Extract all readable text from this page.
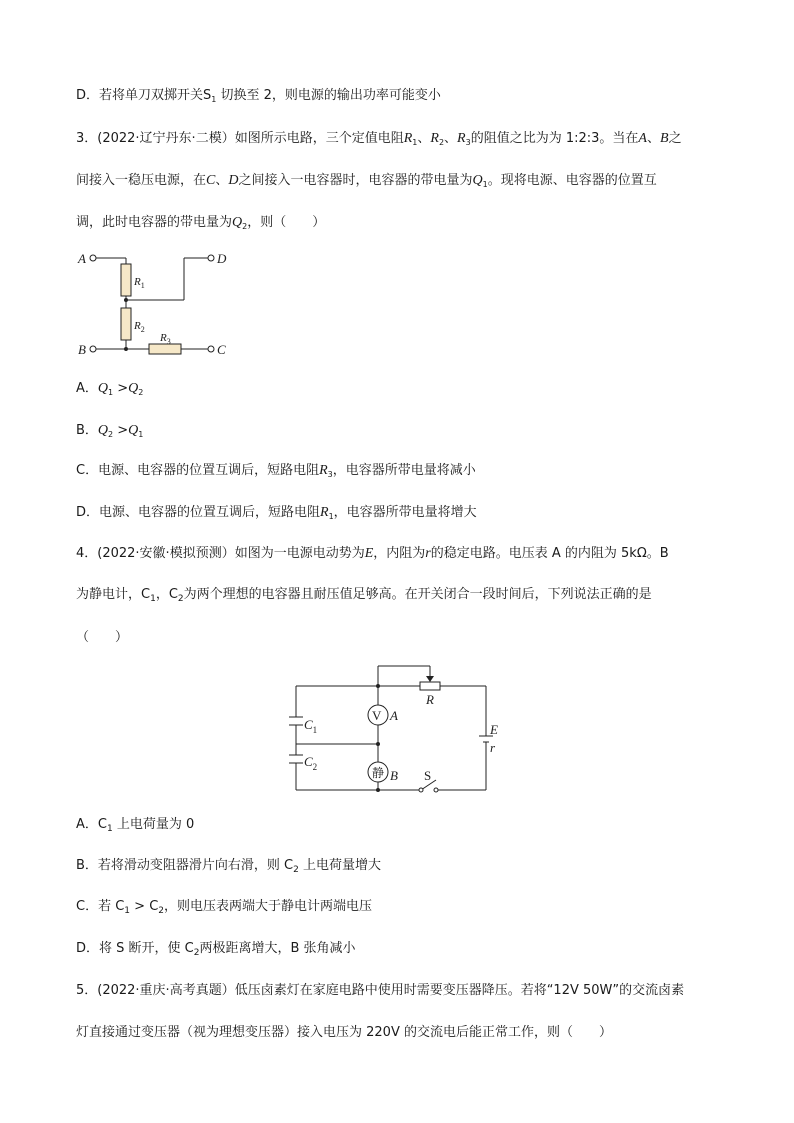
D．若将单刀双掷开关$S_1$ 切换至 2，则电源的输出功率可能变小
3．(2022·辽宁丹东·二模）如图所示电路，三个定值电阻$R_1$、$R_2$、$R_3$的阻值之比为为 1:2:3。当在A、B之
间接入一稳压电源，在C、D之间接入一电容器时，电容器的带电量为$Q_1$。现将电源、电容器的位置互
调，此时电容器的带电量为$Q_2$，则（　　）
A	D
B	C
$R_1$
$R_2$
$R_3$
A．$Q_1 >Q_2$
B．$Q_2 >Q_1$
C．电源、电容器的位置互调后，短路电阻$R_3$，电容器所带电量将减小
D．电源、电容器的位置互调后，短路电阻$R_1$，电容器所带电量将增大
4．(2022·安徽·模拟预测）如图为一电源电动势为E，内阻为r的稳定电路。电压表 A 的内阻为 5kΩ。B
为静电计，$C_1$，$C_2$为两个理想的电容器且耐压值足够高。在开关闭合一段时间后，下列说法正确的是
（　　）
V
静
A
B
R
E
r
S
$C_1$
$C_2$
A．$C_1$ 上电荷量为 0
B．若将滑动变阻器滑片向右滑，则 $C_2$ 上电荷量增大
C．若 $C_1 > C_2$，则电压表两端大于静电计两端电压
D．将 S 断开，使 $C_2$两极距离增大，B 张角减小
5．(2022·重庆·高考真题）低压卤素灯在家庭电路中使用时需要变压器降压。若将“12V 50W”的交流卤素
灯直接通过变压器（视为理想变压器）接入电压为 220V 的交流电后能正常工作，则（　　）
